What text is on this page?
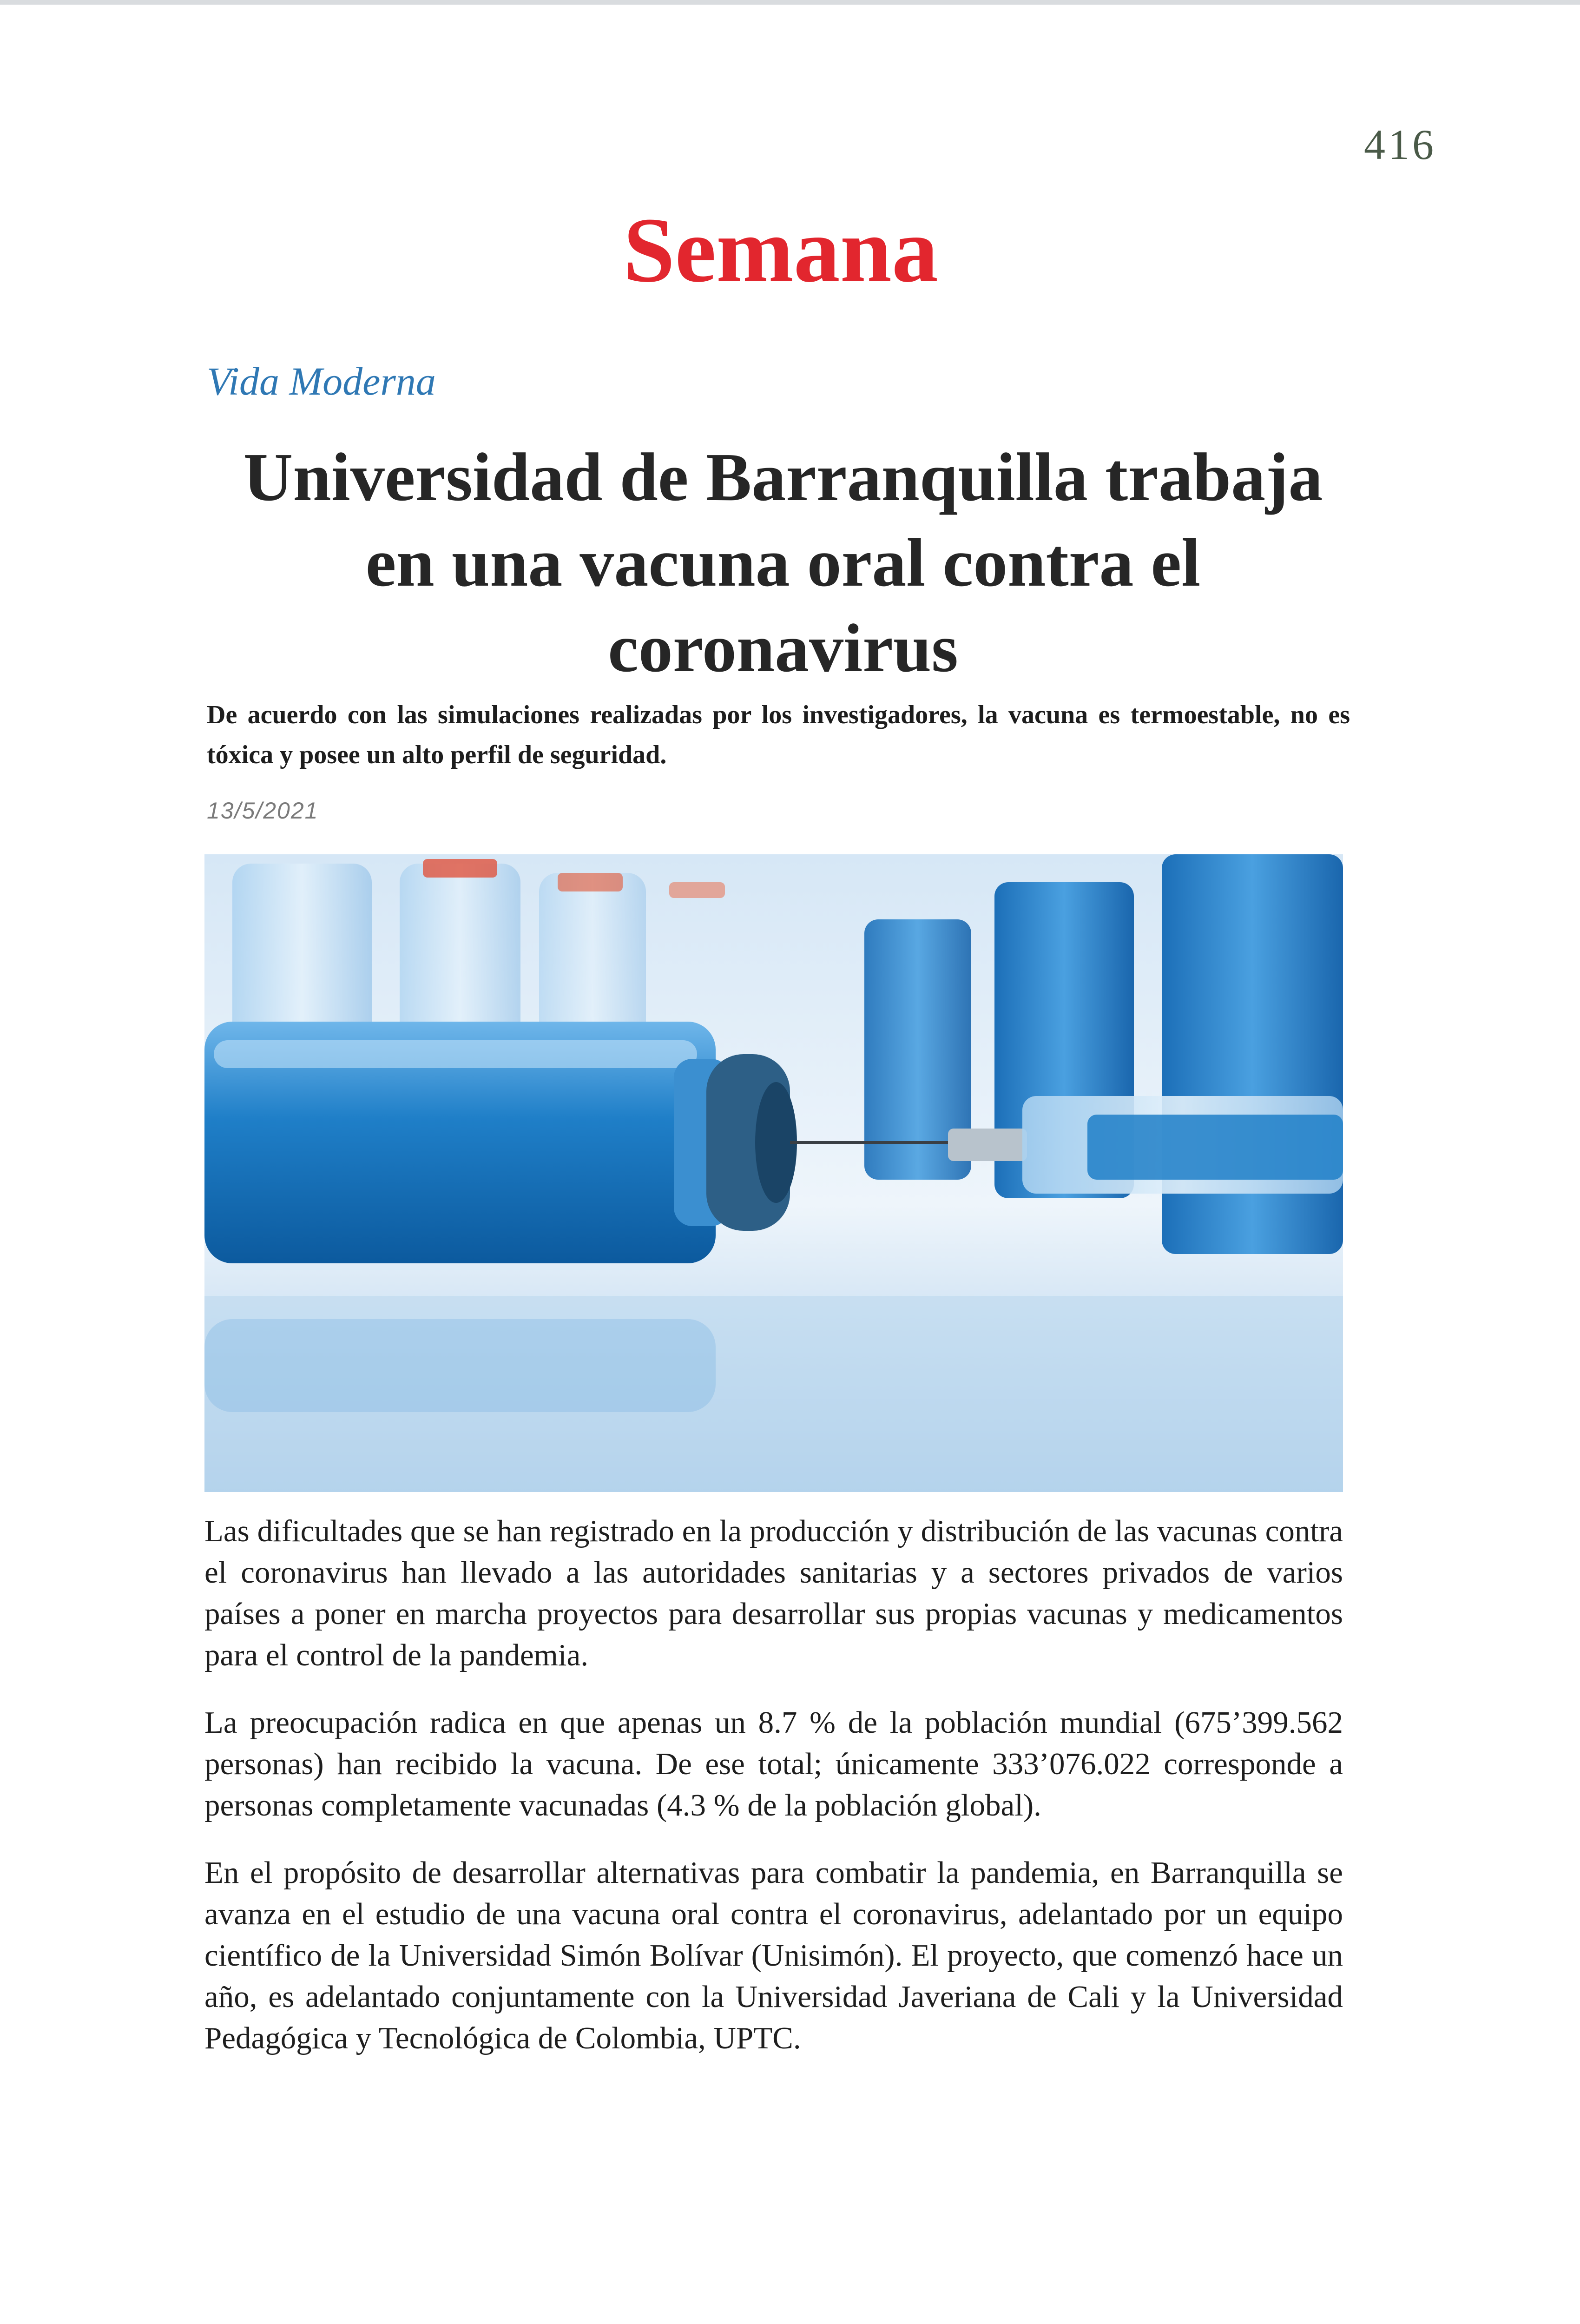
416
Semana
Vida Moderna
Universidad de Barranquilla trabaja en una vacuna oral contra el coronavirus

De acuerdo con las simulaciones realizadas por los investigadores, la vacuna es termoestable, no es tóxica y posee un alto perfil de seguridad.

13/5/2021

Las dificultades que se han registrado en la producción y distribución de las vacunas contra el coronavirus han llevado a las autoridades sanitarias y a sectores privados de varios países a poner en marcha proyectos para desarrollar sus propias vacunas y medicamentos para el control de la pandemia.

La preocupación radica en que apenas un 8.7 % de la población mundial (675’399.562 personas) han recibido la vacuna. De ese total; únicamente 333’076.022 corresponde a personas completamente vacunadas (4.3 % de la población global).

En el propósito de desarrollar alternativas para combatir la pandemia, en Barranquilla se avanza en el estudio de una vacuna oral contra el coronavirus, adelantado por un equipo científico de la Universidad Simón Bolívar (Unisimón). El proyecto, que comenzó hace un año, es adelantado conjuntamente con la Universidad Javeriana de Cali y la Universidad Pedagógica y Tecnológica de Colombia, UPTC.
